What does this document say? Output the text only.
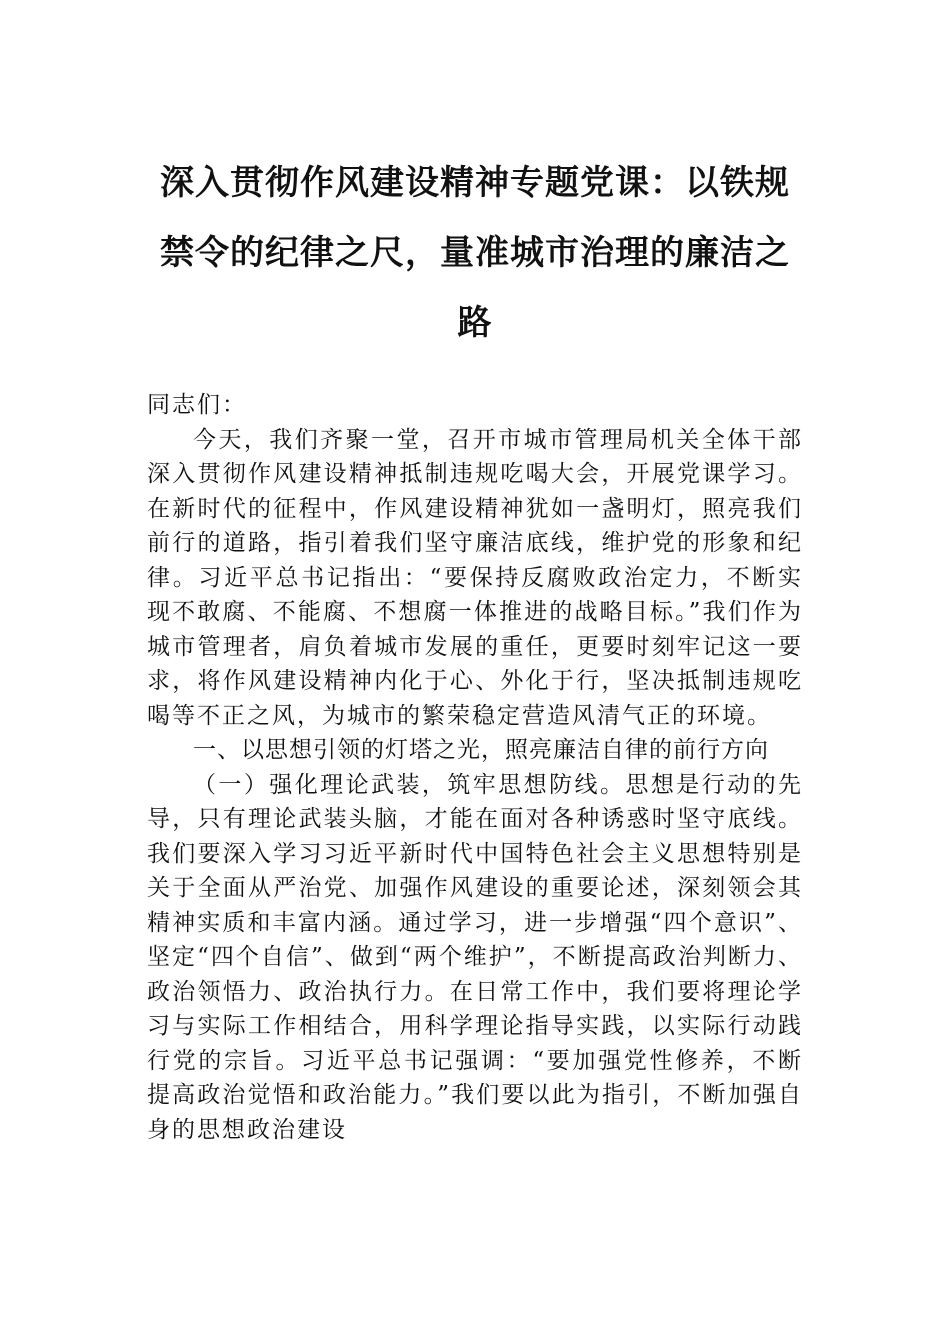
深入贯彻作风建设精神专题党课：以铁规禁令的纪律之尺，量准城市治理的廉洁之路

同志们：

今天，我们齐聚一堂，召开市城市管理局机关全体干部深入贯彻作风建设精神抵制违规吃喝大会，开展党课学习。在新时代的征程中，作风建设精神犹如一盏明灯，照亮我们前行的道路，指引着我们坚守廉洁底线，维护党的形象和纪律。习近平总书记指出：“要保持反腐败政治定力，不断实现不敢腐、不能腐、不想腐一体推进的战略目标。”我们作为城市管理者，肩负着城市发展的重任，更要时刻牢记这一要求，将作风建设精神内化于心、外化于行，坚决抵制违规吃喝等不正之风，为城市的繁荣稳定营造风清气正的环境。

一、以思想引领的灯塔之光，照亮廉洁自律的前行方向

（一）强化理论武装，筑牢思想防线。思想是行动的先导，只有理论武装头脑，才能在面对各种诱惑时坚守底线。我们要深入学习习近平新时代中国特色社会主义思想特别是关于全面从严治党、加强作风建设的重要论述，深刻领会其精神实质和丰富内涵。通过学习，进一步增强“四个意识”、坚定“四个自信”、做到“两个维护”，不断提高政治判断力、政治领悟力、政治执行力。在日常工作中，我们要将理论学习与实际工作相结合，用科学理论指导实践，以实际行动践行党的宗旨。习近平总书记强调：“要加强党性修养，不断提高政治觉悟和政治能力。”我们要以此为指引，不断加强自身的思想政治建设
